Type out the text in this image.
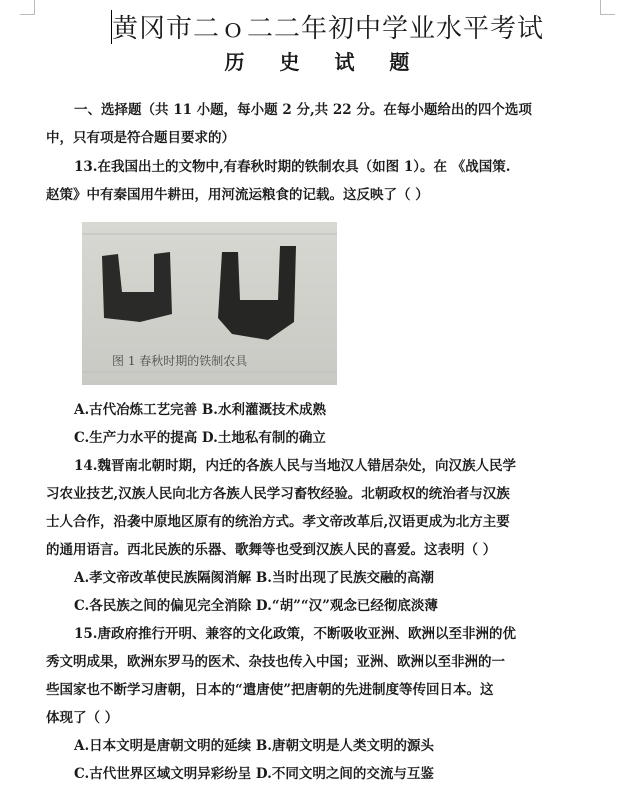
黄冈市二ｏ二二年初中学业水平考试
历 史 试 题
一、选择题（共 11 小题，每小题 2 分,共 22 分。在每小题给出的四个选项
中，只有项是符合题目要求的）
13.在我国出土的文物中,有春秋时期的铁制农具（如图 1）。在 《战国策.
赵策》中有秦国用牛耕田，用河流运粮食的记载。这反映了（ ）
图 1 春秋时期的铁制农具
A.古代冶炼工艺完善 B.水利灌溉技术成熟
C.生产力水平的提高 D.土地私有制的确立
14.魏晋南北朝时期，内迁的各族人民与当地汉人错居杂处，向汉族人民学
习农业技艺,汉族人民向北方各族人民学习畜牧经验。北朝政权的统治者与汉族
士人合作，沿袭中原地区原有的统治方式。孝文帝改革后,汉语更成为北方主要
的通用语言。西北民族的乐器、歌舞等也受到汉族人民的喜爱。这表明（ ）
A.孝文帝改革使民族隔阂消解 B.当时出现了民族交融的高潮
C.各民族之间的偏见完全消除 D.“胡”“汉”观念已经彻底淡薄
15.唐政府推行开明、兼容的文化政策，不断吸收亚洲、欧洲以至非洲的优
秀文明成果，欧洲东罗马的医术、杂技也传入中国；亚洲、欧洲以至非洲的一
些国家也不断学习唐朝，日本的“遣唐使”把唐朝的先进制度等传回日本。这
体现了（ ）
A.日本文明是唐朝文明的延续 B.唐朝文明是人类文明的源头
C.古代世界区域文明异彩纷呈 D.不同文明之间的交流与互鉴
